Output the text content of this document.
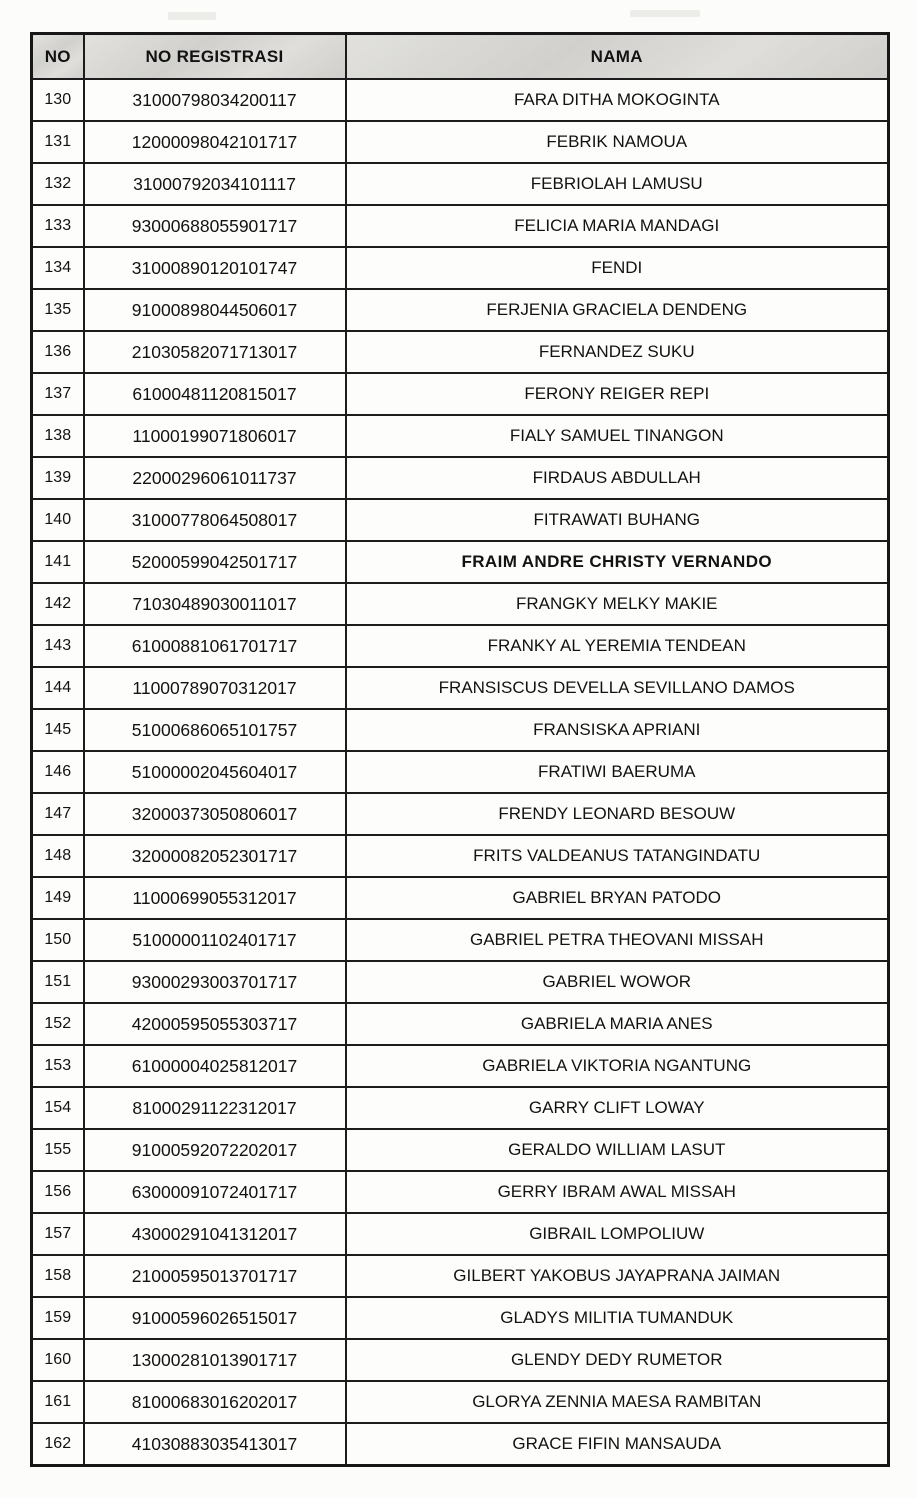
NO	NO REGISTRASI	NAMA
130	31000798034200117	FARA DITHA MOKOGINTA
131	12000098042101717	FEBRIK NAMOUA
132	31000792034101117	FEBRIOLAH LAMUSU
133	93000688055901717	FELICIA MARIA MANDAGI
134	31000890120101747	FENDI
135	91000898044506017	FERJENIA GRACIELA DENDENG
136	21030582071713017	FERNANDEZ SUKU
137	61000481120815017	FERONY REIGER REPI
138	11000199071806017	FIALY SAMUEL TINANGON
139	22000296061011737	FIRDAUS ABDULLAH
140	31000778064508017	FITRAWATI BUHANG
141	52000599042501717	FRAIM ANDRE CHRISTY VERNANDO
142	71030489030011017	FRANGKY MELKY MAKIE
143	61000881061701717	FRANKY AL YEREMIA TENDEAN
144	11000789070312017	FRANSISCUS DEVELLA SEVILLANO DAMOS
145	51000686065101757	FRANSISKA APRIANI
146	51000002045604017	FRATIWI BAERUMA
147	32000373050806017	FRENDY LEONARD BESOUW
148	32000082052301717	FRITS VALDEANUS TATANGINDATU
149	11000699055312017	GABRIEL BRYAN PATODO
150	51000001102401717	GABRIEL PETRA THEOVANI MISSAH
151	93000293003701717	GABRIEL WOWOR
152	42000595055303717	GABRIELA MARIA ANES
153	61000004025812017	GABRIELA VIKTORIA NGANTUNG
154	81000291122312017	GARRY CLIFT LOWAY
155	91000592072202017	GERALDO WILLIAM LASUT
156	63000091072401717	GERRY IBRAM AWAL MISSAH
157	43000291041312017	GIBRAIL LOMPOLIUW
158	21000595013701717	GILBERT YAKOBUS JAYAPRANA JAIMAN
159	91000596026515017	GLADYS MILITIA TUMANDUK
160	13000281013901717	GLENDY DEDY RUMETOR
161	81000683016202017	GLORYA ZENNIA MAESA RAMBITAN
162	41030883035413017	GRACE FIFIN MANSAUDA
